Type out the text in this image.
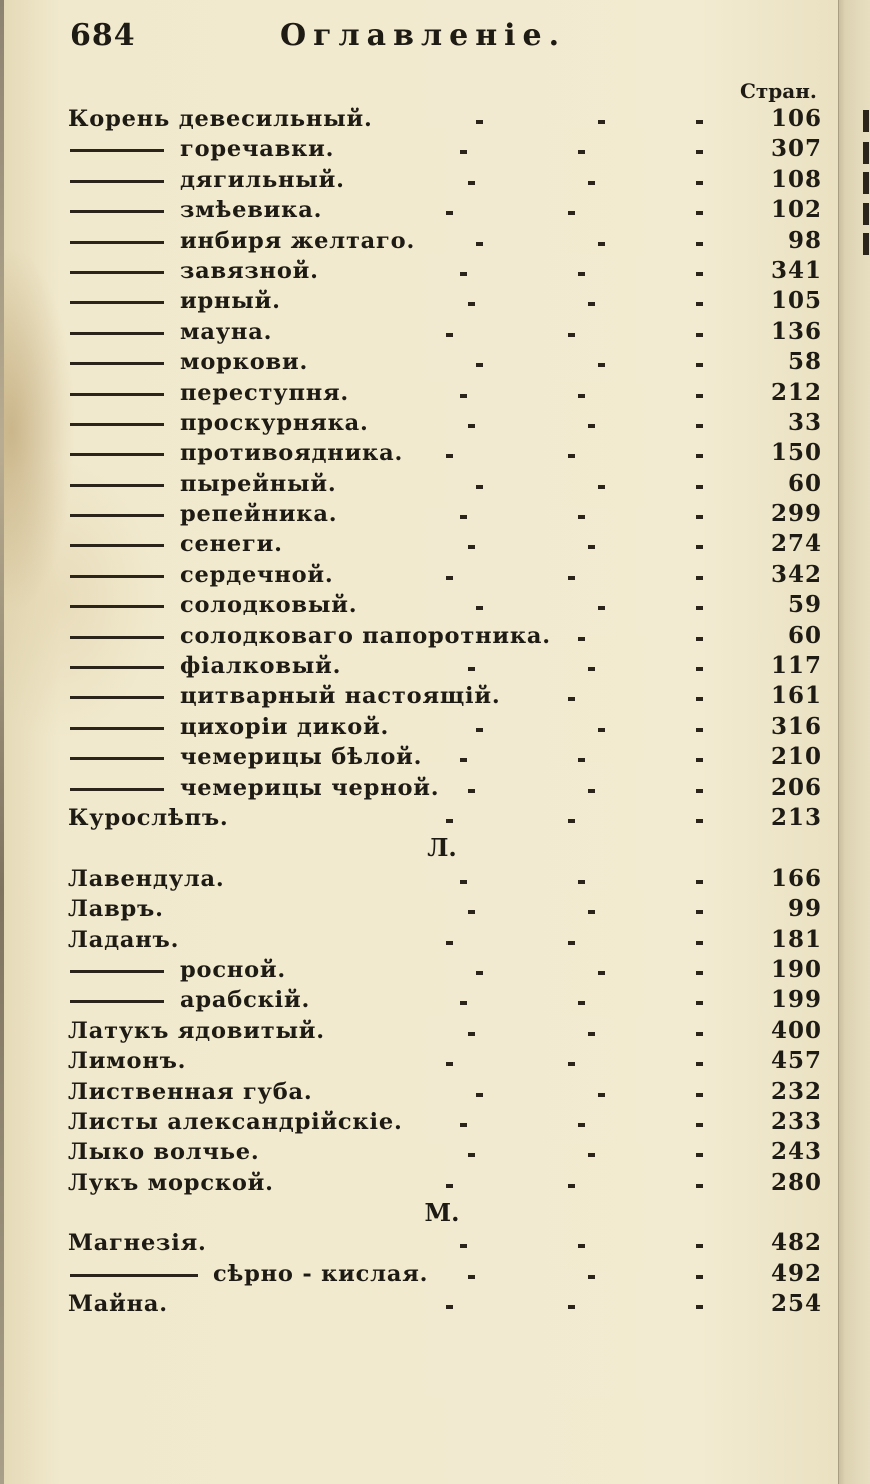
684	Оглавленіе.
Стран.
Корень девесильный.	106
горечавки.	307
дягильный.	108
змѣевика.	102
инбиря желтаго.	98
завязной.	341
ирный.	105
мауна.	136
моркови.	58
переступня.	212
проскурняка.	33
противоядника.	150
пырейный.	60
репейника.	299
сенеги.	274
сердечной.	342
солодковый.	59
солодковаго папоротника.	60
фіалковый.	117
цитварный настоящій.	161
цихоріи дикой.	316
чемерицы бѣлой.	210
чемерицы черной.	206
Курослѣпъ.	213
Л.
Лавендула.	166
Лавръ.	99
Ладанъ.	181
росной.	190
арабскій.	199
Латукъ ядовитый.	400
Лимонъ.	457
Лиственная губа.	232
Листы александрійскіе.	233
Лыко волчье.	243
Лукъ морской.	280
М.
Магнезія.	482
сѣрно - кислая.	492
Майна.	254
